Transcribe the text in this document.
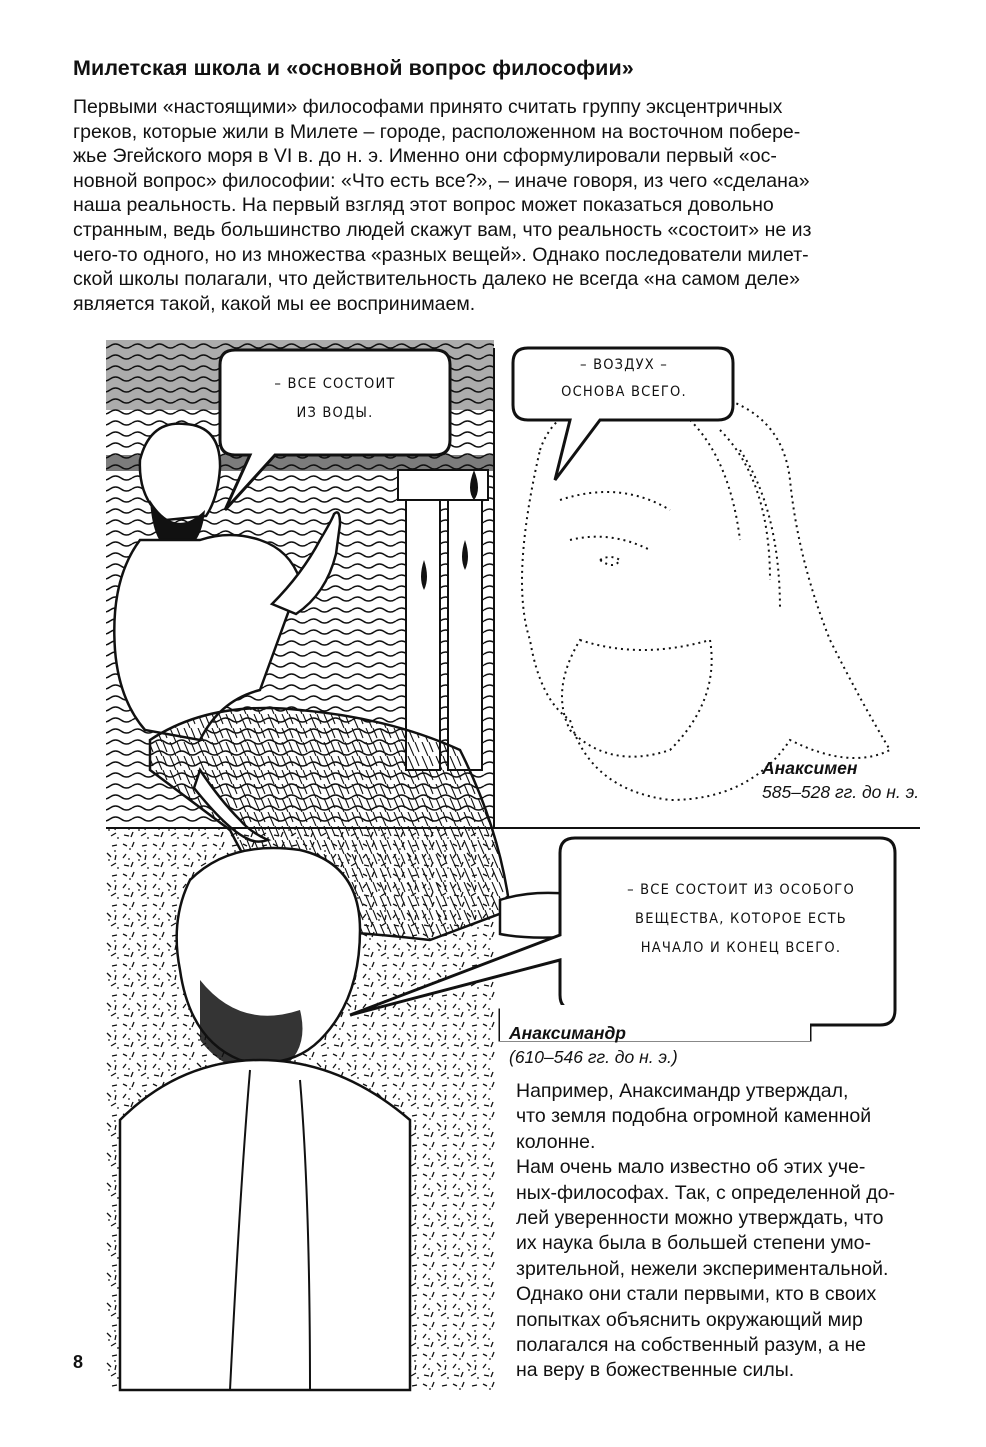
Милетская школа и «основной вопрос философии»

Первыми «настоящими» философами принято считать группу эксцентричных
греков, которые жили в Милете – городе, расположенном на восточном побере-
жье Эгейского моря в VI в. до н. э. Именно они сформулировали первый «ос-
новной вопрос» философии: «Что есть все?», – иначе говоря, из чего «сделана»
наша реальность. На первый взгляд этот вопрос может показаться довольно
странным, ведь большинство людей скажут вам, что реальность «состоит» не из
чего-то одного, но из множества «разных вещей». Однако последователи милет-
ской школы полагали, что действительность далеко не всегда «на самом деле»
является такой, какой мы ее воспринимаем.

– ВСЕ СОСТОИТ
ИЗ ВОДЫ.
– ВОЗДУХ –
ОСНОВА ВСЕГО.
Анаксимен
585–528 гг. до н. э.
– ВСЕ СОСТОИТ ИЗ ОСОБОГО
ВЕЩЕСТВА, КОТОРОЕ ЕСТЬ
НАЧАЛО И КОНЕЦ ВСЕГО.
Анаксимандр
(610–546 гг. до н. э.)

Например, Анаксимандр утверждал,
что земля подобна огромной каменной
колонне.
Нам очень мало известно об этих уче-
ных-философах. Так, с определенной до-
лей уверенности можно утверждать, что
их наука была в большей степени умо-
зрительной, нежели экспериментальной.
Однако они стали первыми, кто в своих
попытках объяснить окружающий мир
полагался на собственный разум, а не
на веру в божественные силы.

8
